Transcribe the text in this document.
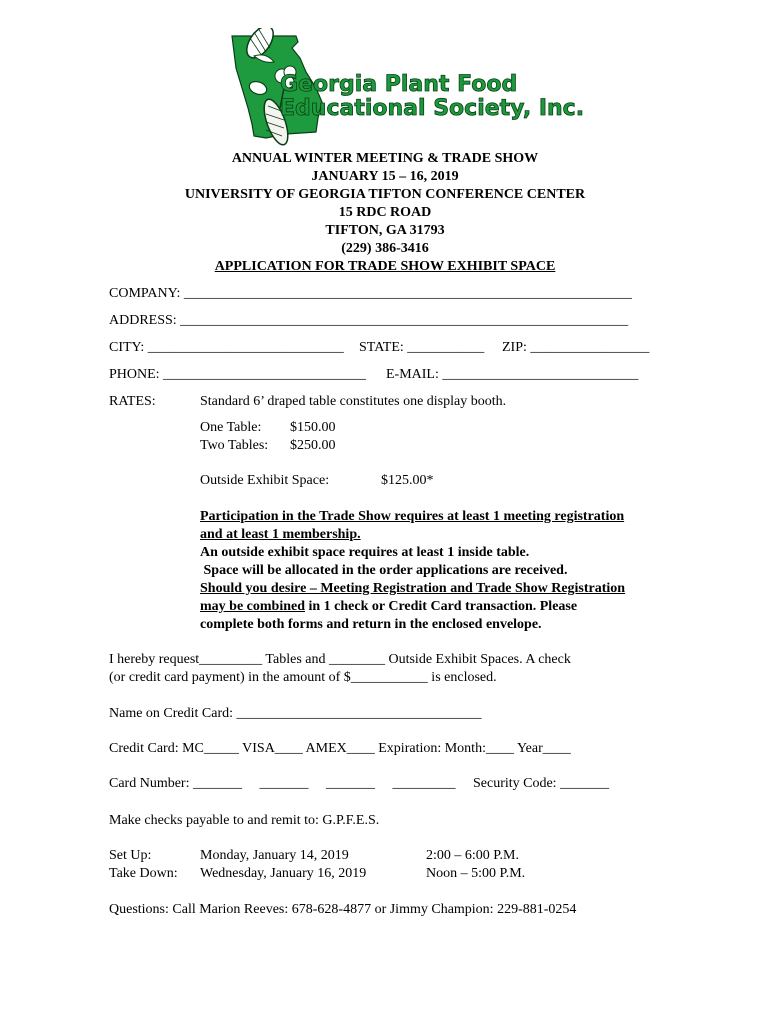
Georgia Plant Food
Educational Society, Inc.
ANNUAL WINTER MEETING & TRADE SHOW
JANUARY 15 – 16, 2019
UNIVERSITY OF GEORGIA TIFTON CONFERENCE CENTER
15 RDC ROAD
TIFTON, GA 31793
(229) 386-3416
APPLICATION FOR TRADE SHOW EXHIBIT SPACE
COMPANY: ________________________________________________________________
ADDRESS: ________________________________________________________________
CITY: ____________________________ STATE: ___________ ZIP: _________________
PHONE: _____________________________ E-MAIL: ____________________________
RATES:	Standard 6’ draped table constitutes one display booth.
One Table: $150.00
Two Tables: $250.00
Outside Exhibit Space:	$125.00*
Participation in the Trade Show requires at least 1 meeting registration
and at least 1 membership.
An outside exhibit space requires at least 1 inside table.
Space will be allocated in the order applications are received.
Should you desire – Meeting Registration and Trade Show Registration
may be combined in 1 check or Credit Card transaction. Please
complete both forms and return in the enclosed envelope.
I hereby request_________ Tables and ________ Outside Exhibit Spaces. A check
(or credit card payment) in the amount of $___________ is enclosed.
Name on Credit Card: ___________________________________
Credit Card: MC_____ VISA____ AMEX____ Expiration: Month:____ Year____
Card Number: _______     _______     _______     _________     Security Code: _______
Make checks payable to and remit to: G.P.F.E.S.
Set Up:	Monday, January 14, 2019	2:00 – 6:00 P.M.
Take Down: Wednesday, January 16, 2019	Noon – 5:00 P.M.
Questions: Call Marion Reeves: 678-628-4877 or Jimmy Champion: 229-881-0254
